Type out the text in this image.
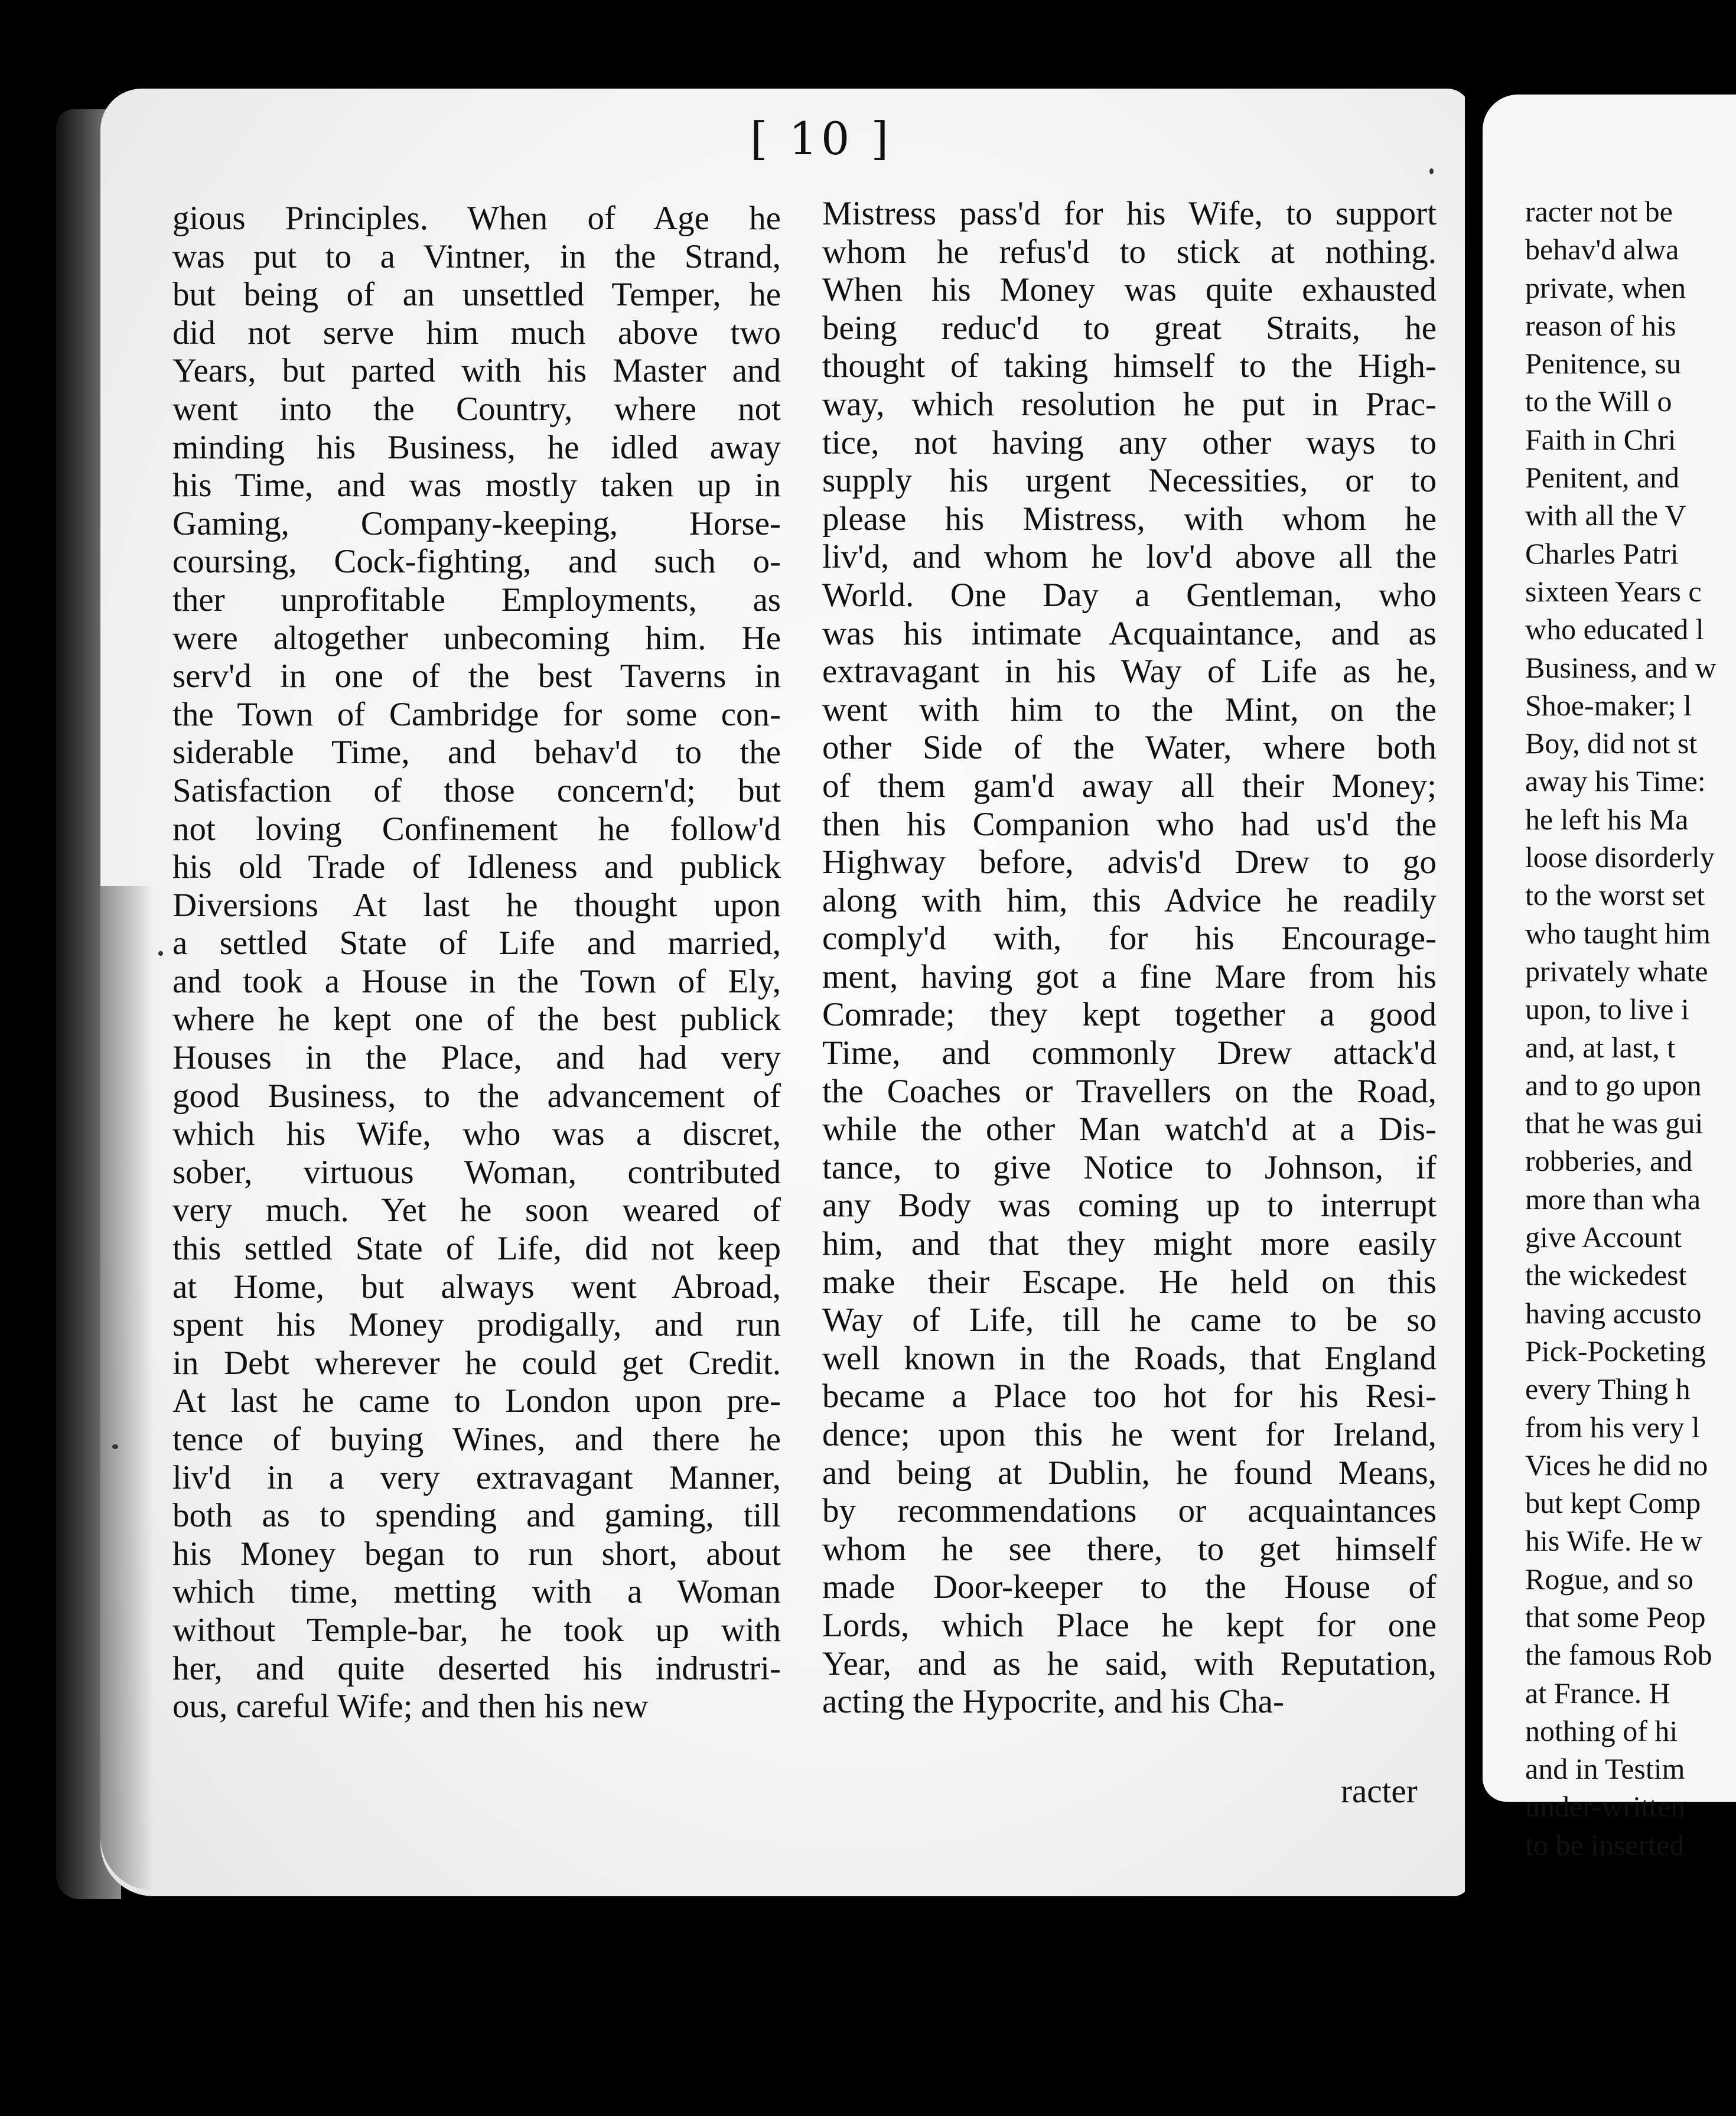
[ 10 ]
gious Principles. When of Age he
was put to a Vintner, in the Strand,
but being of an unsettled Temper, he
did not serve him much above two
Years, but parted with his Master and
went into the Country, where not
minding his Business, he idled away
his Time, and was mostly taken up in
Gaming, Company-keeping, Horse-
coursing, Cock-fighting, and such o-
ther unprofitable Employments, as
were altogether unbecoming him. He
serv'd in one of the best Taverns in
the Town of Cambridge for some con-
siderable Time, and behav'd to the
Satisfaction of those concern'd; but
not loving Confinement he follow'd
his old Trade of Idleness and publick
Diversions At last he thought upon
a settled State of Life and married,
and took a House in the Town of Ely,
where he kept one of the best publick
Houses in the Place, and had very
good Business, to the advancement of
which his Wife, who was a discret,
sober, virtuous Woman, contributed
very much. Yet he soon weared of
this settled State of Life, did not keep
at Home, but always went Abroad,
spent his Money prodigally, and run
in Debt wherever he could get Credit.
At last he came to London upon pre-
tence of buying Wines, and there he
liv'd in a very extravagant Manner,
both as to spending and gaming, till
his Money began to run short, about
which time, metting with a Woman
without Temple-bar, he took up with
her, and quite deserted his indrustri-
ous, careful Wife; and then his new
Mistress pass'd for his Wife, to support
whom he refus'd to stick at nothing.
When his Money was quite exhausted
being reduc'd to great Straits, he
thought of taking himself to the High-
way, which resolution he put in Prac-
tice, not having any other ways to
supply his urgent Necessities, or to
please his Mistress, with whom he
liv'd, and whom he lov'd above all the
World. One Day a Gentleman, who
was his intimate Acquaintance, and as
extravagant in his Way of Life as he,
went with him to the Mint, on the
other Side of the Water, where both
of them gam'd away all their Money;
then his Companion who had us'd the
Highway before, advis'd Drew to go
along with him, this Advice he readily
comply'd with, for his Encourage-
ment, having got a fine Mare from his
Comrade; they kept together a good
Time, and commonly Drew attack'd
the Coaches or Travellers on the Road,
while the other Man watch'd at a Dis-
tance, to give Notice to Johnson, if
any Body was coming up to interrupt
him, and that they might more easily
make their Escape. He held on this
Way of Life, till he came to be so
well known in the Roads, that England
became a Place too hot for his Resi-
dence; upon this he went for Ireland,
and being at Dublin, he found Means,
by recommendations or acquaintances
whom he see there, to get himself
made Door-keeper to the House of
Lords, which Place he kept for one
Year, and as he said, with Reputation,
acting the Hypocrite, and his Cha-
racter
racter not be
behav'd alwa
private, when
reason of his
Penitence, su
to the Will o
Faith in Chri
Penitent, and
with all the V
Charles Patri
sixteen Years c
who educated l
Business, and w
Shoe-maker; l
Boy, did not st
away his Time:
he left his Ma
loose disorderly
to the worst set
who taught him
privately whate
upon, to live i
and, at last, t
and to go upon
that he was gui
robberies, and
more than wha
give Account
the wickedest
having accusto
Pick-Pocketing
every Thing h
from his very l
Vices he did no
but kept Comp
his Wife. He w
Rogue, and so
that some Peop
the famous Rob
at France. H
nothing of hi
and in Testim
under-written
to be inserted
